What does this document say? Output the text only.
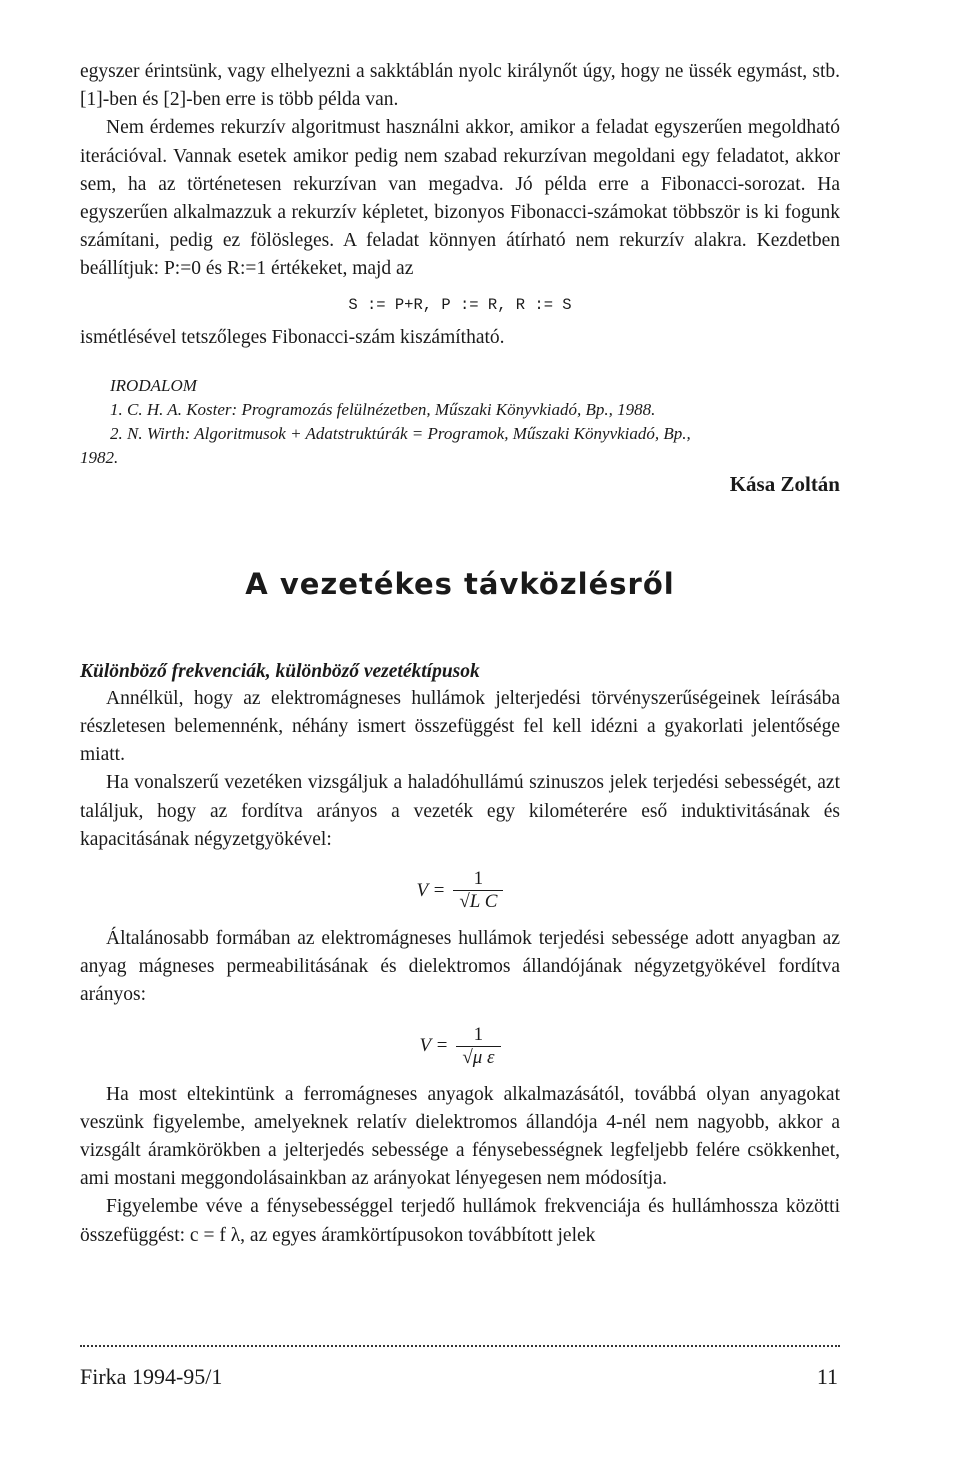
egyszer érintsünk, vagy elhelyezni a sakktáblán nyolc királynőt úgy, hogy ne üssék egymást, stb. [1]-ben és [2]-ben erre is több példa van.

Nem érdemes rekurzív algoritmust használni akkor, amikor a feladat egyszerűen megoldható iterációval. Vannak esetek amikor pedig nem szabad rekurzívan megoldani egy feladatot, akkor sem, ha az történetesen rekurzívan van megadva. Jó példa erre a Fibonacci-sorozat. Ha egyszerűen alkalmazzuk a rekurzív képletet, bizonyos Fibonacci-számokat többször is ki fogunk számítani, pedig ez fölösleges. A feladat könnyen átírható nem rekurzív alakra. Kezdetben beállítjuk: P:=0 és R:=1 értékeket, majd az

S := P+R, P := R, R := S

ismétlésével tetszőleges Fibonacci-szám kiszámítható.

IRODALOM
1. C. H. A. Koster: Programozás felülnézetben, Műszaki Könyvkiadó, Bp., 1988.
2. N. Wirth: Algoritmusok + Adatstruktúrák = Programok, Műszaki Könyvkiadó, Bp.,
1982.
Kása Zoltán
A vezetékes távközlésről
Különböző frekvenciák, különböző vezetéktípusok

Annélkül, hogy az elektromágneses hullámok jelterjedési törvényszerűségeinek leírásába részletesen belemennénk, néhány ismert összefüggést fel kell idézni a gyakorlati jelentősége miatt.

Ha vonalszerű vezetéken vizsgáljuk a haladóhullámú szinuszos jelek terjedési sebességét, azt találjuk, hogy az fordítva arányos a vezeték egy kilométerére eső induktivitásának és kapacitásának négyzetgyökével:

$V = \frac{1}{\text{√L C}}$

Általánosabb formában az elektromágneses hullámok terjedési sebessége adott anyagban az anyag mágneses permeabilitásának és dielektromos állandójának négyzetgyökével fordítva arányos:

$V = \frac{1}{\text{√μ ε}}$

Ha most eltekintünk a ferromágneses anyagok alkalmazásától, továbbá olyan anyagokat veszünk figyelembe, amelyeknek relatív dielektromos állandója 4-nél nem nagyobb, akkor a vizsgált áramkörökben a jelterjedés sebessége a fénysebességnek legfeljebb felére csökkenhet, ami mostani meggondolásainkban az arányokat lényegesen nem módosítja.

Figyelembe véve a fénysebességgel terjedő hullámok frekvenciája és hullámhossza közötti összefüggést: c = f λ, az egyes áramkörtípusokon továbbított jelek

Firka 1994-95/1	11
